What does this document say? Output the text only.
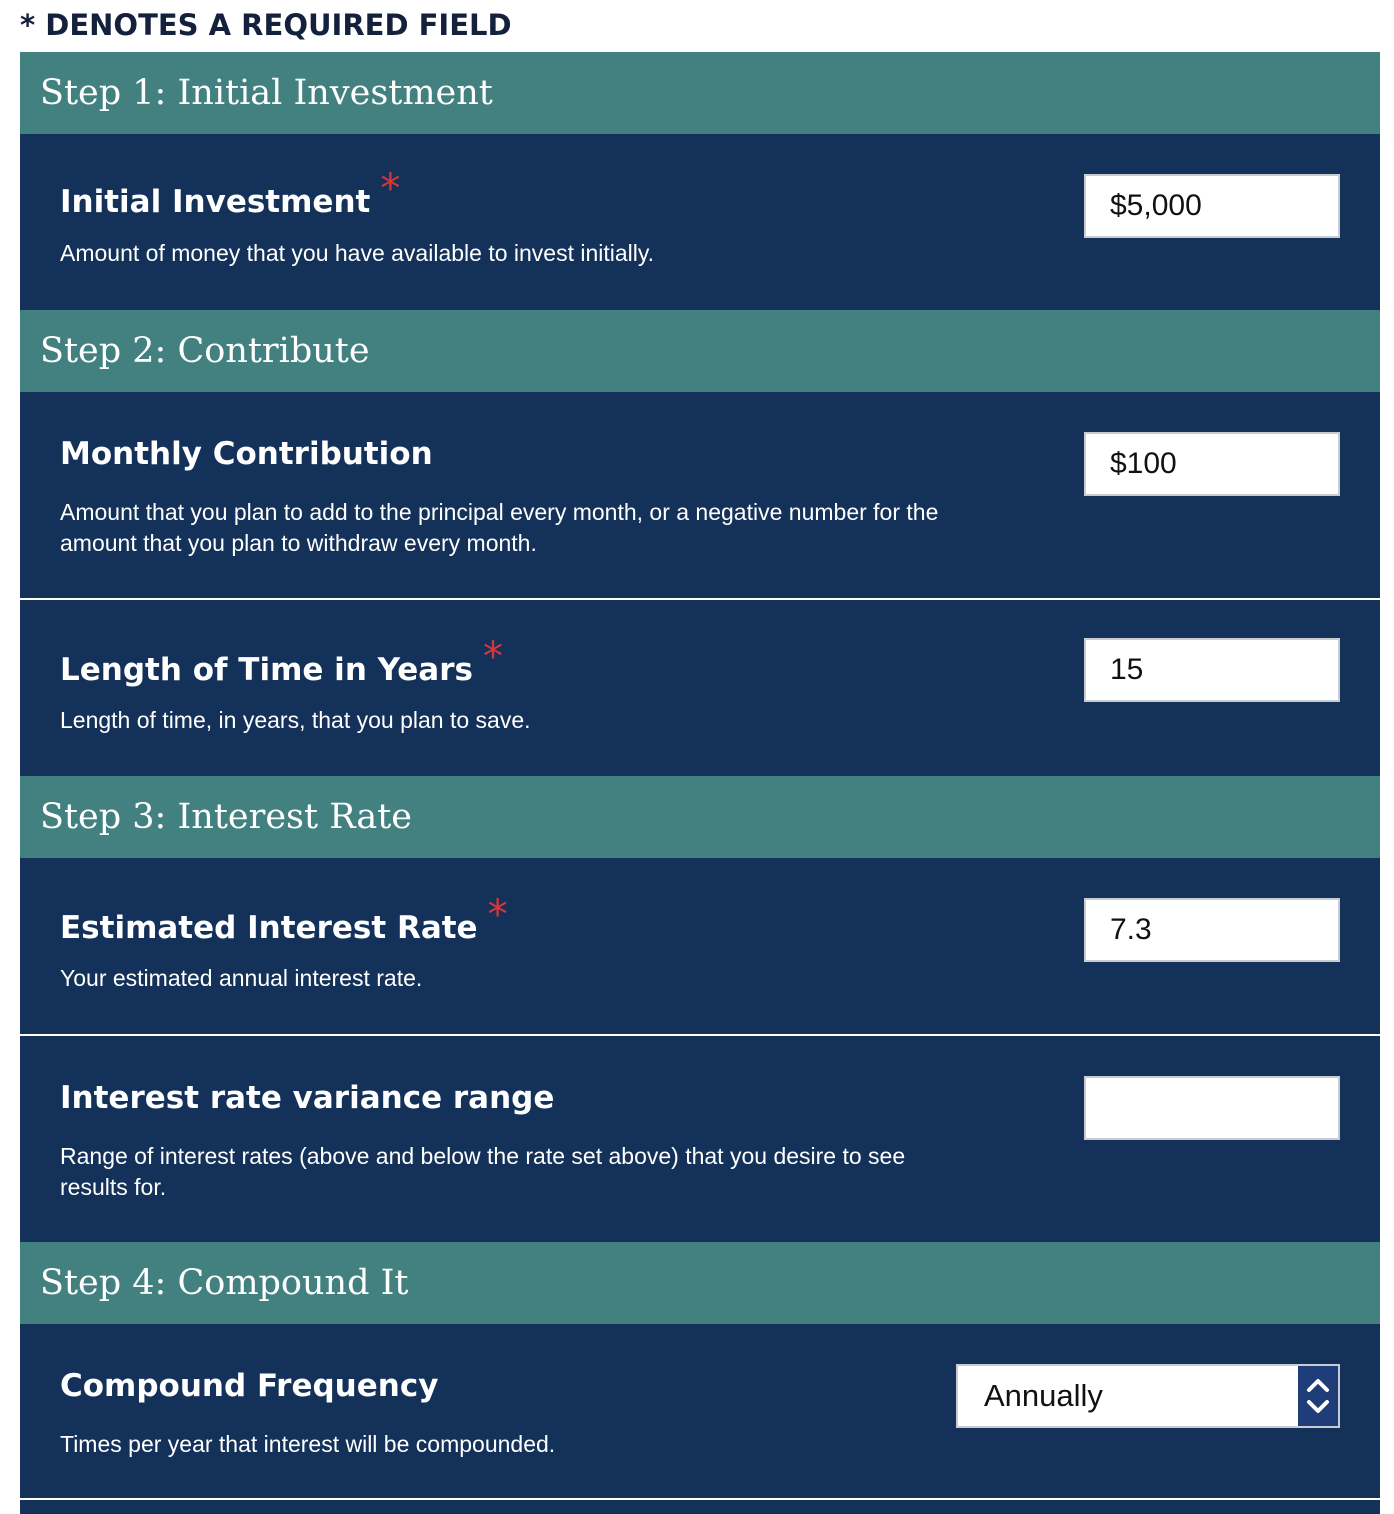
* DENOTES A REQUIRED FIELD
Step 1: Initial Investment
Initial Investment *
Amount of money that you have available to invest initially.
$5,000
Step 2: Contribute
Monthly Contribution
Amount that you plan to add to the principal every month, or a negative number for the amount that you plan to withdraw every month.
$100
Length of Time in Years *
Length of time, in years, that you plan to save.
15
Step 3: Interest Rate
Estimated Interest Rate *
Your estimated annual interest rate.
7.3
Interest rate variance range
Range of interest rates (above and below the rate set above) that you desire to see results for.
Step 4: Compound It
Compound Frequency
Times per year that interest will be compounded.
Annually
